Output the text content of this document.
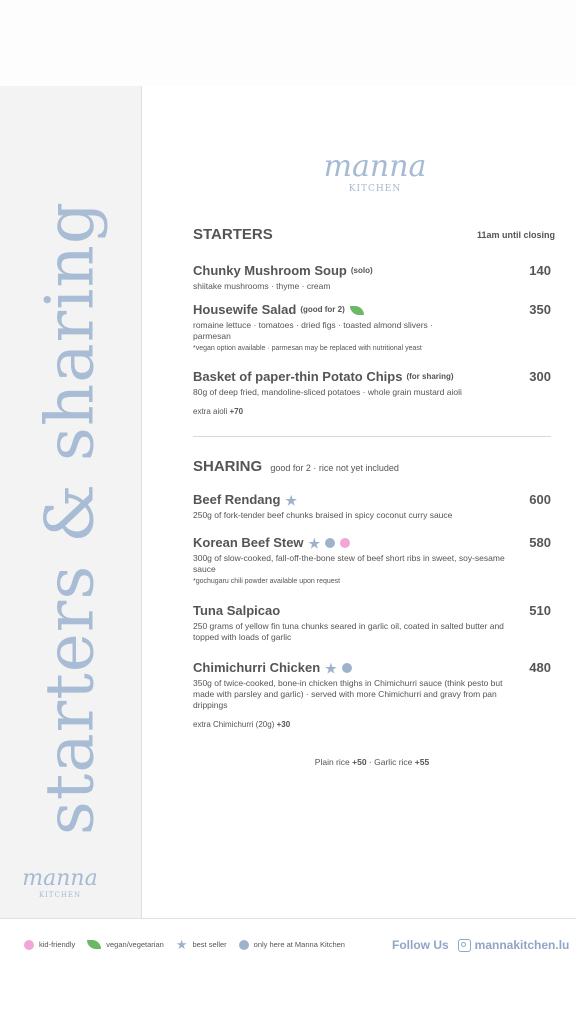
starters & sharing
manna
KITCHEN
manna
KITCHEN
STARTERS	11am until closing
Chunky Mushroom Soup (solo)	140
shiitake mushrooms · thyme · cream
Housewife Salad (good for 2)	350
romaine lettuce · tomatoes · dried figs · toasted almond slivers · parmesan
*vegan option available · parmesan may be replaced with nutritional yeast
Basket of paper-thin Potato Chips (for sharing)	300
80g of deep fried, mandoline-sliced potatoes · whole grain mustard aioli
extra aioli +70
SHARING good for 2 · rice not yet included
Beef Rendang ★	600
250g of fork-tender beef chunks braised in spicy coconut curry sauce
Korean Beef Stew ★	580
300g of slow-cooked, fall-off-the-bone stew of beef short ribs in sweet, soy-sesame sauce
*gochugaru chili powder available upon request
Tuna Salpicao	510
250 grams of yellow fin tuna chunks seared in garlic oil, coated in salted butter and topped with loads of garlic
Chimichurri Chicken ★	480
350g of twice-cooked, bone-in chicken thighs in Chimichurri sauce (think pesto but made with parsley and garlic) · served with more Chimichurri and gravy from pan drippings
extra Chimichurri (20g) +30
Plain rice +50 · Garlic rice +55
kid-friendly	vegan/vegetarian ★ best seller	only here at Manna Kitchen	Follow Us mannakitchen.lu
